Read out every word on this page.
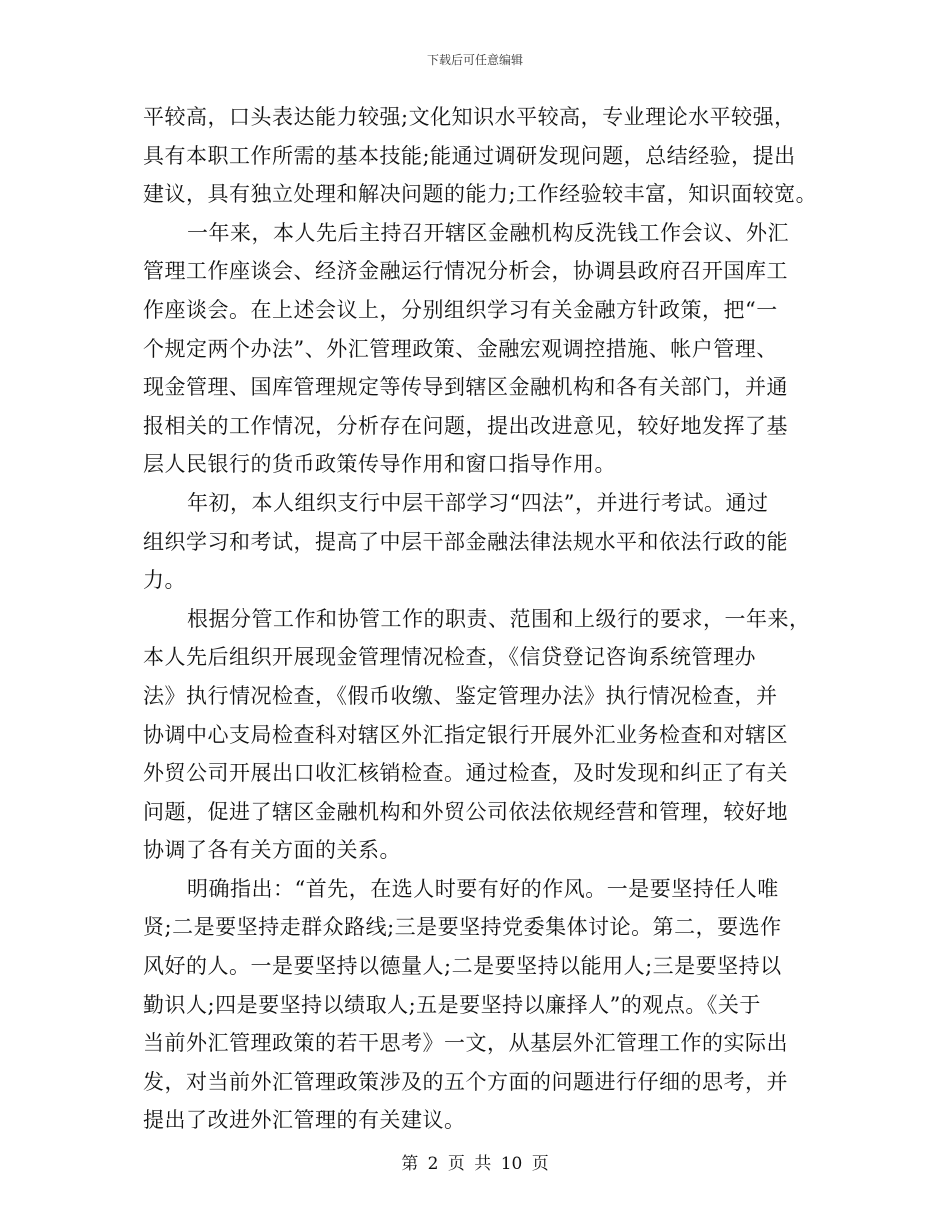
下载后可任意编辑

平较高，口头表达能力较强;文化知识水平较高，专业理论水平较强，
具有本职工作所需的基本技能;能通过调研发现问题，总结经验，提出
建议，具有独立处理和解决问题的能力;工作经验较丰富，知识面较宽。

一年来，本人先后主持召开辖区金融机构反洗钱工作会议、外汇
管理工作座谈会、经济金融运行情况分析会，协调县政府召开国库工
作座谈会。在上述会议上，分别组织学习有关金融方针政策，把“一
个规定两个办法”、外汇管理政策、金融宏观调控措施、帐户管理、
现金管理、国库管理规定等传导到辖区金融机构和各有关部门，并通
报相关的工作情况，分析存在问题，提出改进意见，较好地发挥了基
层人民银行的货币政策传导作用和窗口指导作用。

年初，本人组织支行中层干部学习“四法”，并进行考试。通过
组织学习和考试，提高了中层干部金融法律法规水平和依法行政的能
力。

根据分管工作和协管工作的职责、范围和上级行的要求，一年来，
本人先后组织开展现金管理情况检查，《信贷登记咨询系统管理办
法》执行情况检查，《假币收缴、鉴定管理办法》执行情况检查，并
协调中心支局检查科对辖区外汇指定银行开展外汇业务检查和对辖区
外贸公司开展出口收汇核销检查。通过检查，及时发现和纠正了有关
问题，促进了辖区金融机构和外贸公司依法依规经营和管理，较好地
协调了各有关方面的关系。

明确指出：“首先，在选人时要有好的作风。一是要坚持任人唯
贤;二是要坚持走群众路线;三是要坚持党委集体讨论。第二，要选作
风好的人。一是要坚持以德量人;二是要坚持以能用人;三是要坚持以
勤识人;四是要坚持以绩取人;五是要坚持以廉择人”的观点。《关于
当前外汇管理政策的若干思考》一文，从基层外汇管理工作的实际出
发，对当前外汇管理政策涉及的五个方面的问题进行仔细的思考，并
提出了改进外汇管理的有关建议。

第 2 页 共 10 页
